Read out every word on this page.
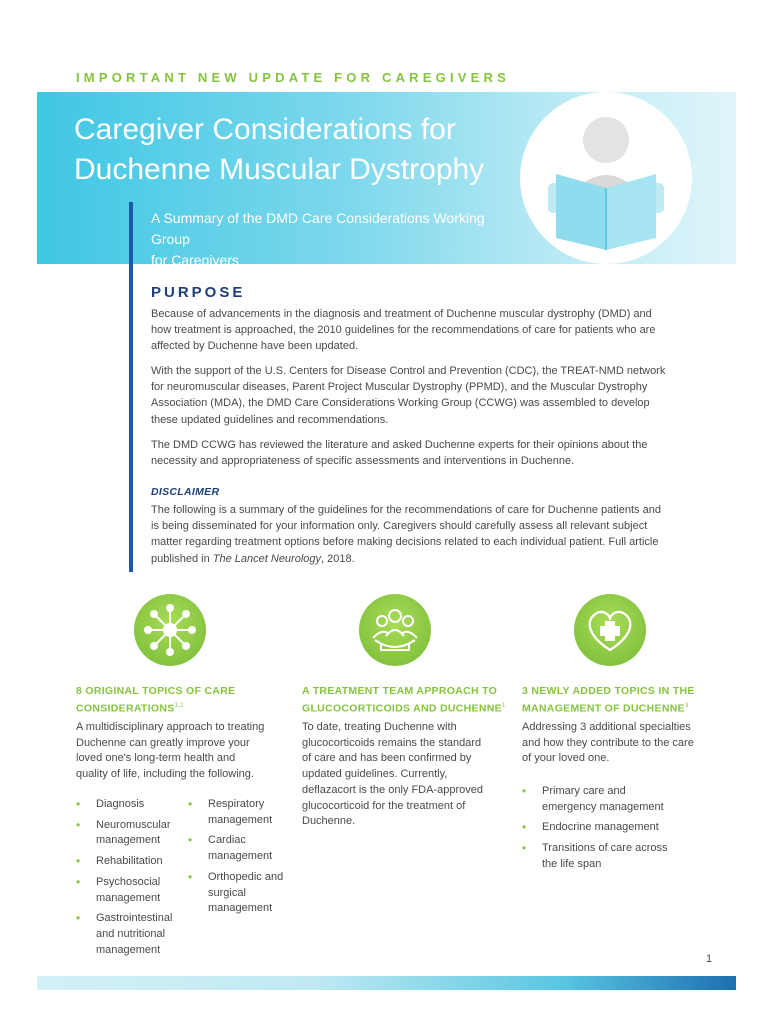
IMPORTANT NEW UPDATE FOR CAREGIVERS
Caregiver Considerations for
Duchenne Muscular Dystrophy
A Summary of the DMD Care Considerations Working Group
for Caregivers
PURPOSE

Because of advancements in the diagnosis and treatment of Duchenne muscular dystrophy (DMD) and how treatment is approached, the 2010 guidelines for the recommendations of care for patients who are affected by Duchenne have been updated.

With the support of the U.S. Centers for Disease Control and Prevention (CDC), the TREAT-NMD network for neuromuscular diseases, Parent Project Muscular Dystrophy (PPMD), and the Muscular Dystrophy Association (MDA), the DMD Care Considerations Working Group (CCWG) was assembled to develop these updated guidelines and recommendations.

The DMD CCWG has reviewed the literature and asked Duchenne experts for their opinions about the necessity and appropriateness of specific assessments and interventions in Duchenne.

DISCLAIMER

The following is a summary of the guidelines for the recommendations of care for Duchenne patients and is being disseminated for your information only. Caregivers should carefully assess all relevant subject matter regarding treatment options before making decisions related to each individual patient. Full article published in The Lancet Neurology, 2018.

8 ORIGINAL TOPICS OF CARE
CONSIDERATIONS$^{1,2}$
A multidisciplinary approach to treating Duchenne can greatly improve your loved one's long-term health and quality of life, including the following.
• Diagnosis
• Neuromuscular management
• Rehabilitation
• Psychosocial management
• Gastrointestinal and nutritional management
• Respiratory management
• Cardiac management
• Orthopedic and surgical management
A TREATMENT TEAM APPROACH TO
GLUCOCORTICOIDS AND DUCHENNE$^1$
To date, treating Duchenne with glucocorticoids remains the standard of care and has been confirmed by updated guidelines. Currently, deflazacort is the only FDA-approved glucocorticoid for the treatment of Duchenne.
3 NEWLY ADDED TOPICS IN THE
MANAGEMENT OF DUCHENNE$^3$
Addressing 3 additional specialties and how they contribute to the care of your loved one.
• Primary care and emergency management
• Endocrine management
• Transitions of care across the life span
1
